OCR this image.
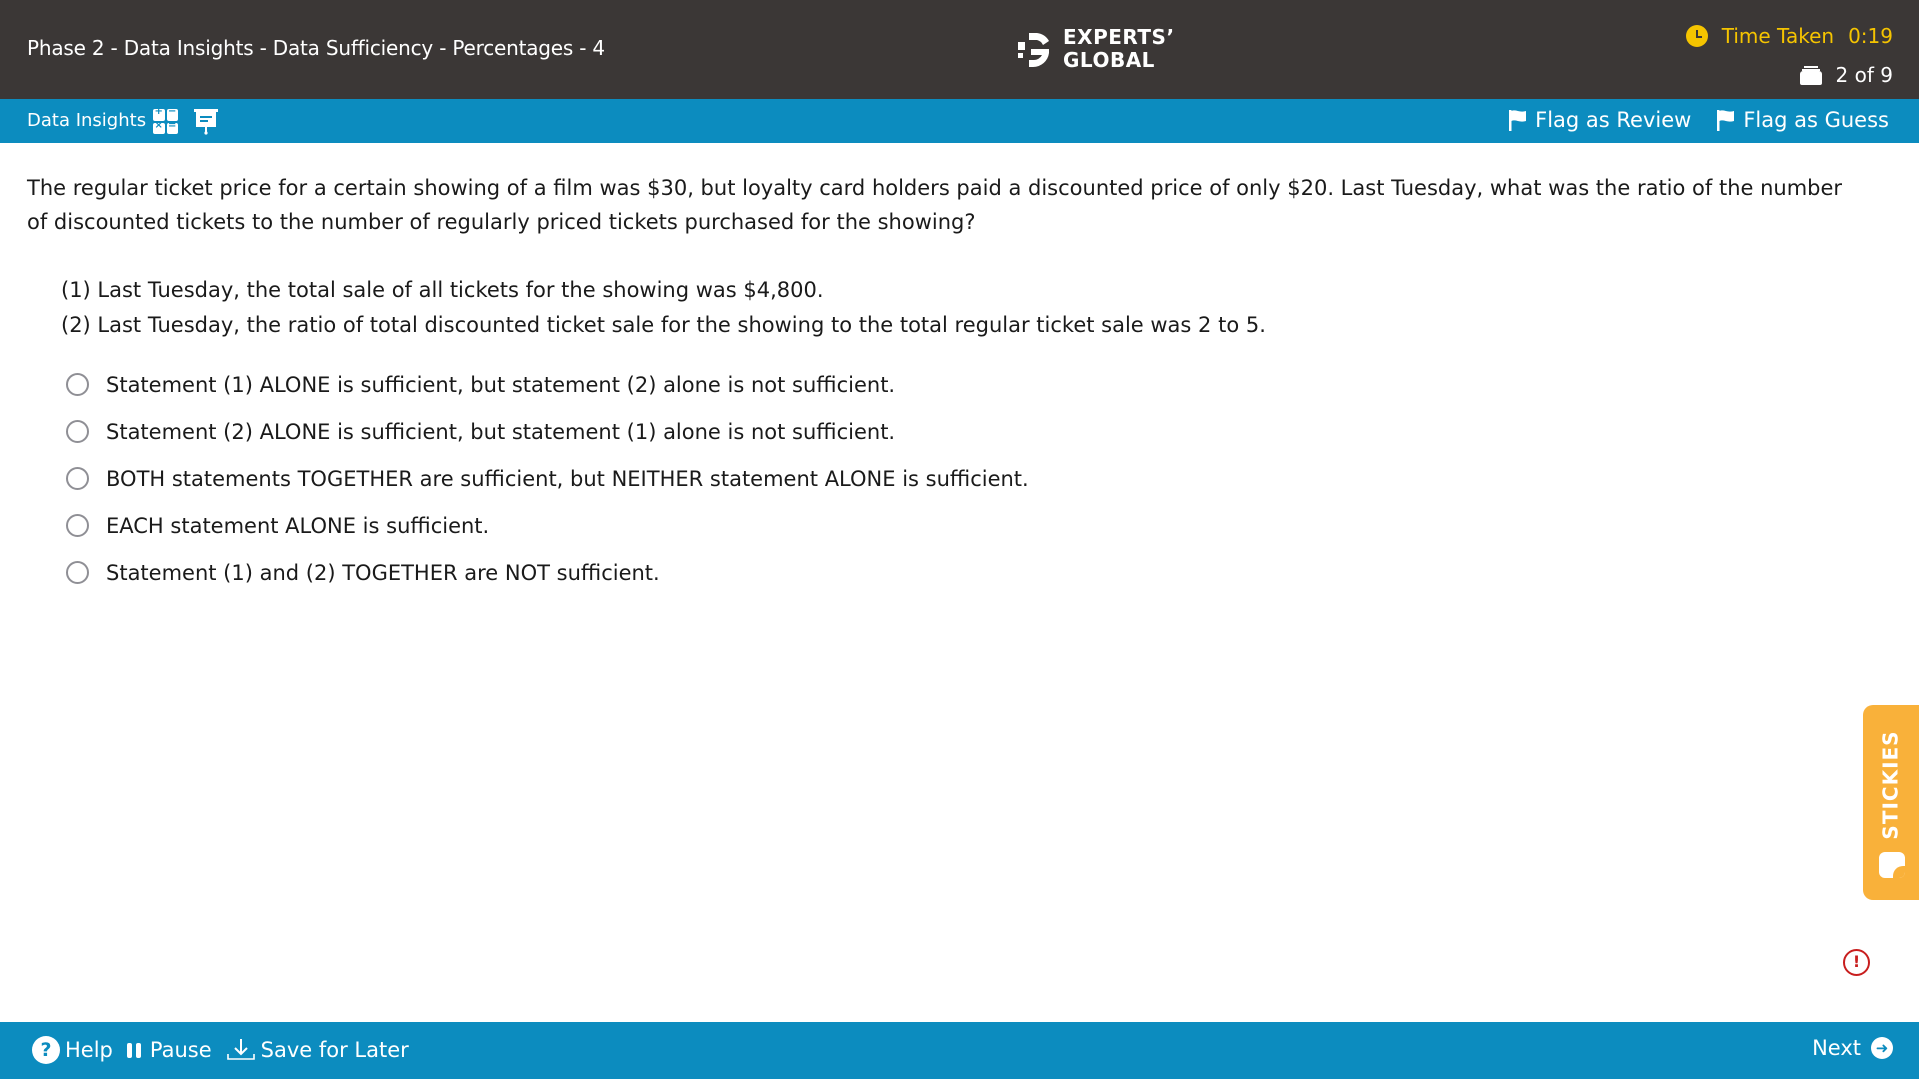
Phase 2 - Data Insights - Data Sufficiency - Percentages - 4	EXPERTS’
GLOBAL
Time Taken 0:19
2 of 9
Data Insights + −
×
=	Flag as Review Flag as Guess
The regular ticket price for a certain showing of a film was $30, but loyalty card holders paid a discounted price of only $20. Last Tuesday, what was the ratio of the number of discounted tickets to the number of regularly priced tickets purchased for the showing?
(1) Last Tuesday, the total sale of all tickets for the showing was $4,800.
(2) Last Tuesday, the ratio of total discounted ticket sale for the showing to the total regular ticket sale was 2 to 5.
Statement (1) ALONE is sufficient, but statement (2) alone is not sufficient.
Statement (2) ALONE is sufficient, but statement (1) alone is not sufficient.
BOTH statements TOGETHER are sufficient, but NEITHER statement ALONE is sufficient.
EACH statement ALONE is sufficient.
Statement (1) and (2) TOGETHER are NOT sufficient.
STICKIES
!
? Help Pause Save for Later	Next ➜
